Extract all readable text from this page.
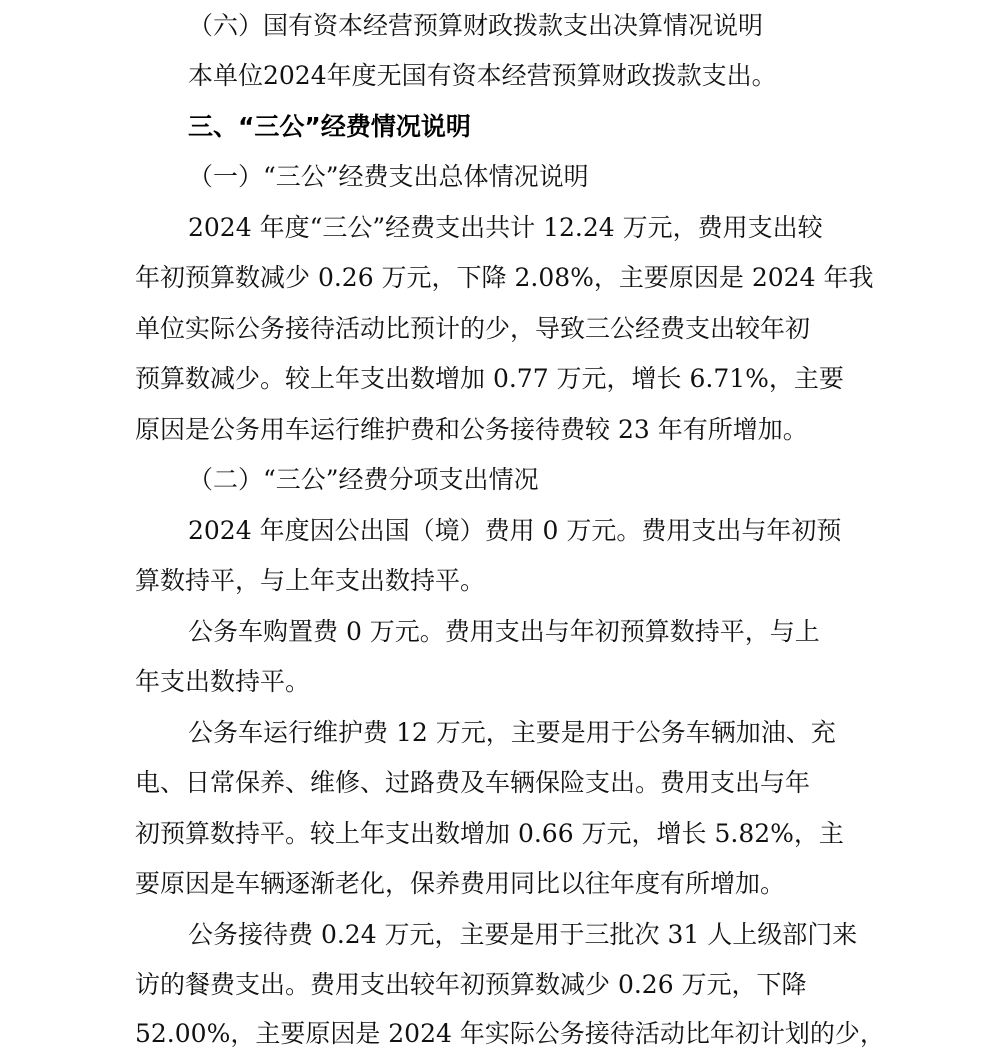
（六）国有资本经营预算财政拨款支出决算情况说明
本单位2024年度无国有资本经营预算财政拨款支出。
三、“三公”经费情况说明
（一）“三公”经费支出总体情况说明
2024 年度“三公”经费支出共计 12.24 万元，费用支出较
年初预算数减少 0.26 万元，下降 2.08%，主要原因是 2024 年我
单位实际公务接待活动比预计的少，导致三公经费支出较年初
预算数减少。较上年支出数增加 0.77 万元，增长 6.71%，主要
原因是公务用车运行维护费和公务接待费较 23 年有所增加。
（二）“三公”经费分项支出情况
2024 年度因公出国（境）费用 0 万元。费用支出与年初预
算数持平，与上年支出数持平。
公务车购置费 0 万元。费用支出与年初预算数持平，与上
年支出数持平。
公务车运行维护费 12 万元，主要是用于公务车辆加油、充
电、日常保养、维修、过路费及车辆保险支出。费用支出与年
初预算数持平。较上年支出数增加 0.66 万元，增长 5.82%，主
要原因是车辆逐渐老化，保养费用同比以往年度有所增加。
公务接待费 0.24 万元，主要是用于三批次 31 人上级部门来
访的餐费支出。费用支出较年初预算数减少 0.26 万元，下降
52.00%，主要原因是 2024 年实际公务接待活动比年初计划的少，
